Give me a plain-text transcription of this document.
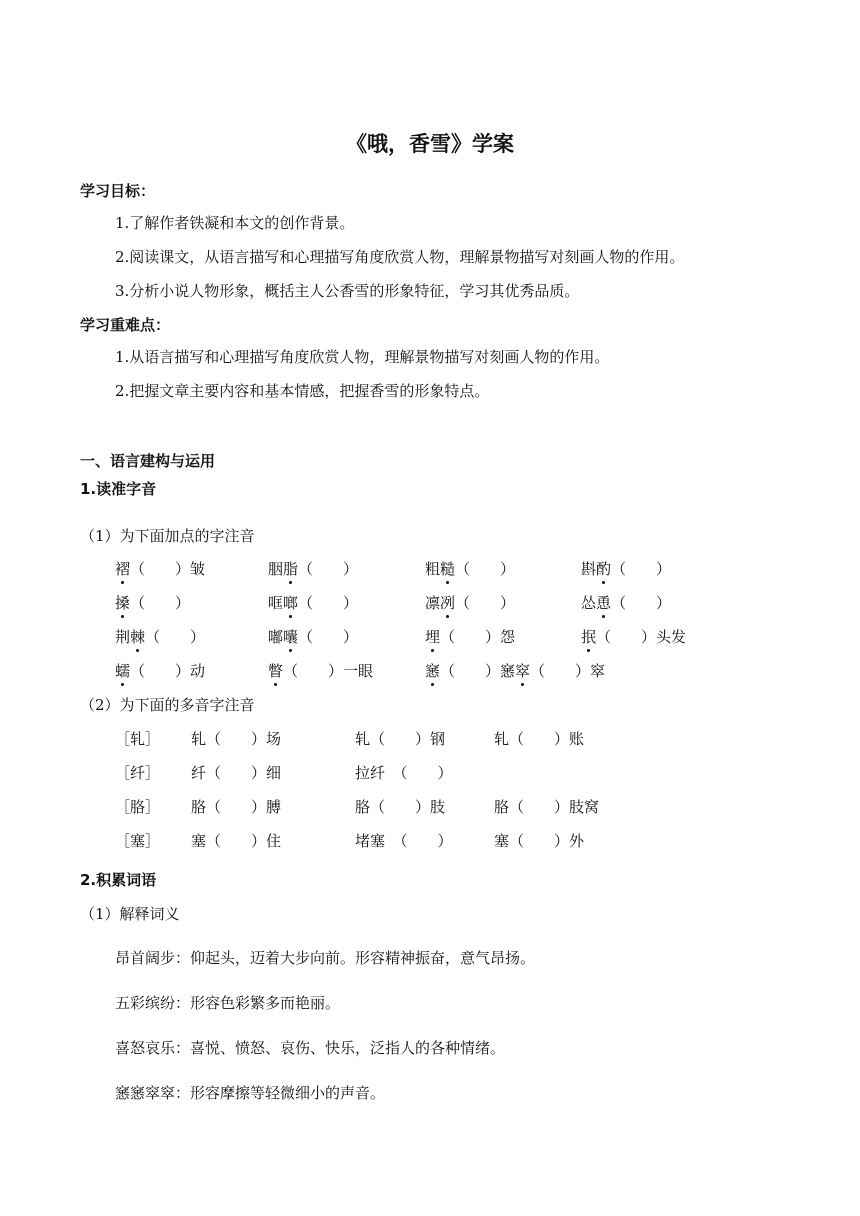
《哦，香雪》学案
学习目标：
1.了解作者铁凝和本文的创作背景。
2.阅读课文，从语言描写和心理描写角度欣赏人物，理解景物描写对刻画人物的作用。
3.分析小说人物形象，概括主人公香雪的形象特征，学习其优秀品质。
学习重难点：
1.从语言描写和心理描写角度欣赏人物，理解景物描写对刻画人物的作用。
2.把握文章主要内容和基本情感，把握香雪的形象特点。
一、语言建构与运用
1.读准字音
（1）为下面加点的字注音
褶（　　）皱	胭脂（　　）	粗糙（　　）	斟酌（　　）
搡（　　）	哐啷（　　）	凛冽（　　）	怂恿（　　）
荆棘（　　）	嘟囔（　　）	埋（　　）怨	抿（　　）头发
蠕（　　）动	瞥（　　）一眼	窸（　　）窸窣（　　）窣
（2）为下面的多音字注音
［轧］ 轧（　　）场	轧（　　）钢	轧（　　）账
［纤］ 纤（　　）细	拉纤　（　　）
［胳］ 胳（　　）膊	胳（　　）肢	胳（　　）肢窝
［塞］ 塞（　　）住	堵塞　（　　）	塞（　　）外
2.积累词语
（1）解释词义
昂首阔步：仰起头，迈着大步向前。形容精神振奋，意气昂扬。
五彩缤纷：形容色彩繁多而艳丽。
喜怒哀乐：喜悦、愤怒、哀伤、快乐，泛指人的各种情绪。
窸窸窣窣：形容摩擦等轻微细小的声音。
